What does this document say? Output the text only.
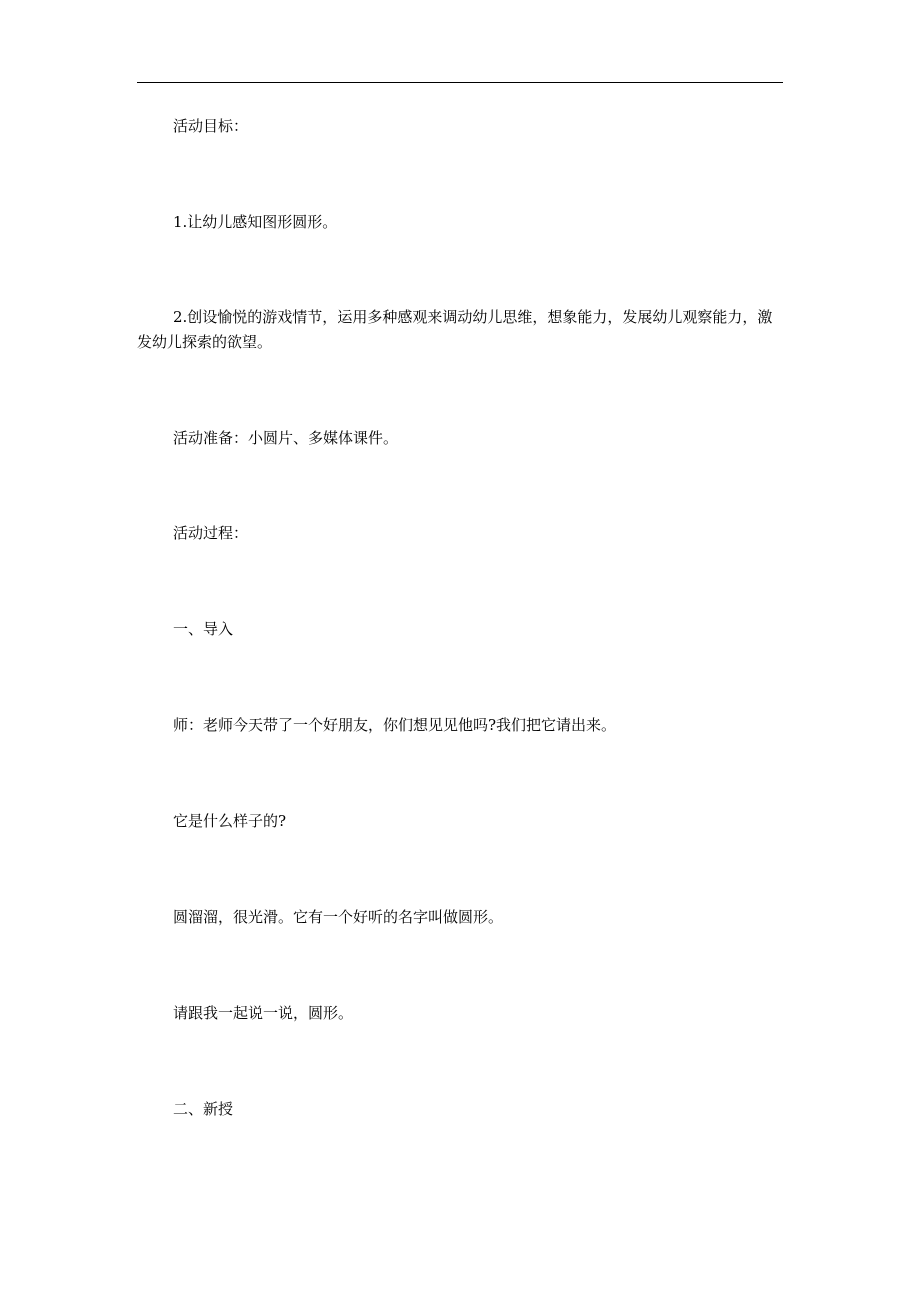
活动目标：

1.让幼儿感知图形圆形。

2.创设愉悦的游戏情节，运用多种感观来调动幼儿思维，想象能力，发展幼儿观察能力，激发幼儿探索的欲望。

活动准备：小圆片、多媒体课件。

活动过程：

一、导入

师：老师今天带了一个好朋友，你们想见见他吗?我们把它请出来。

它是什么样子的?

圆溜溜，很光滑。它有一个好听的名字叫做圆形。

请跟我一起说一说，圆形。

二、新授
